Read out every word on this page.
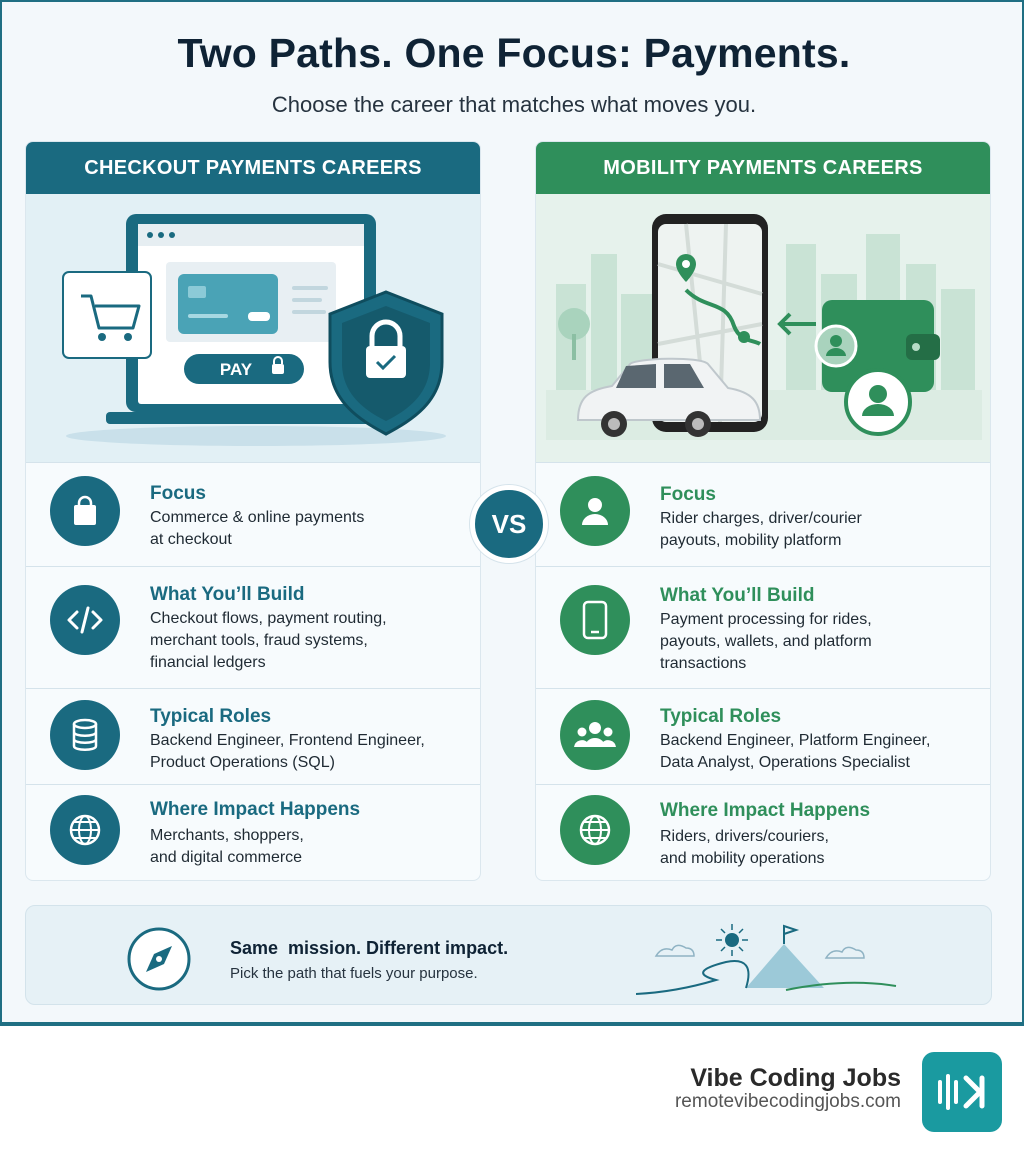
Two Paths. One Focus: Payments.
Choose the career that matches what moves you.
CHECKOUT PAYMENTS CAREERS
PAY
Focus
Commerce & online payments
at checkout
What You’ll Build
Checkout flows, payment routing,
merchant tools, fraud systems,
financial ledgers
Typical Roles
Backend Engineer, Frontend Engineer,
Product Operations (SQL)
Where Impact Happens
Merchants, shoppers,
and digital commerce
MOBILITY PAYMENTS CAREERS
Focus
Rider charges, driver/courier
payouts, mobility platform
What You’ll Build
Payment processing for rides,
payouts, wallets, and platform
transactions
Typical Roles
Backend Engineer, Platform Engineer,
Data Analyst, Operations Specialist
Where Impact Happens
Riders, drivers/couriers,
and mobility operations
VS
Same  mission. Different impact.
Pick the path that fuels your purpose.
Vibe Coding Jobs
remotevibecodingjobs.com
